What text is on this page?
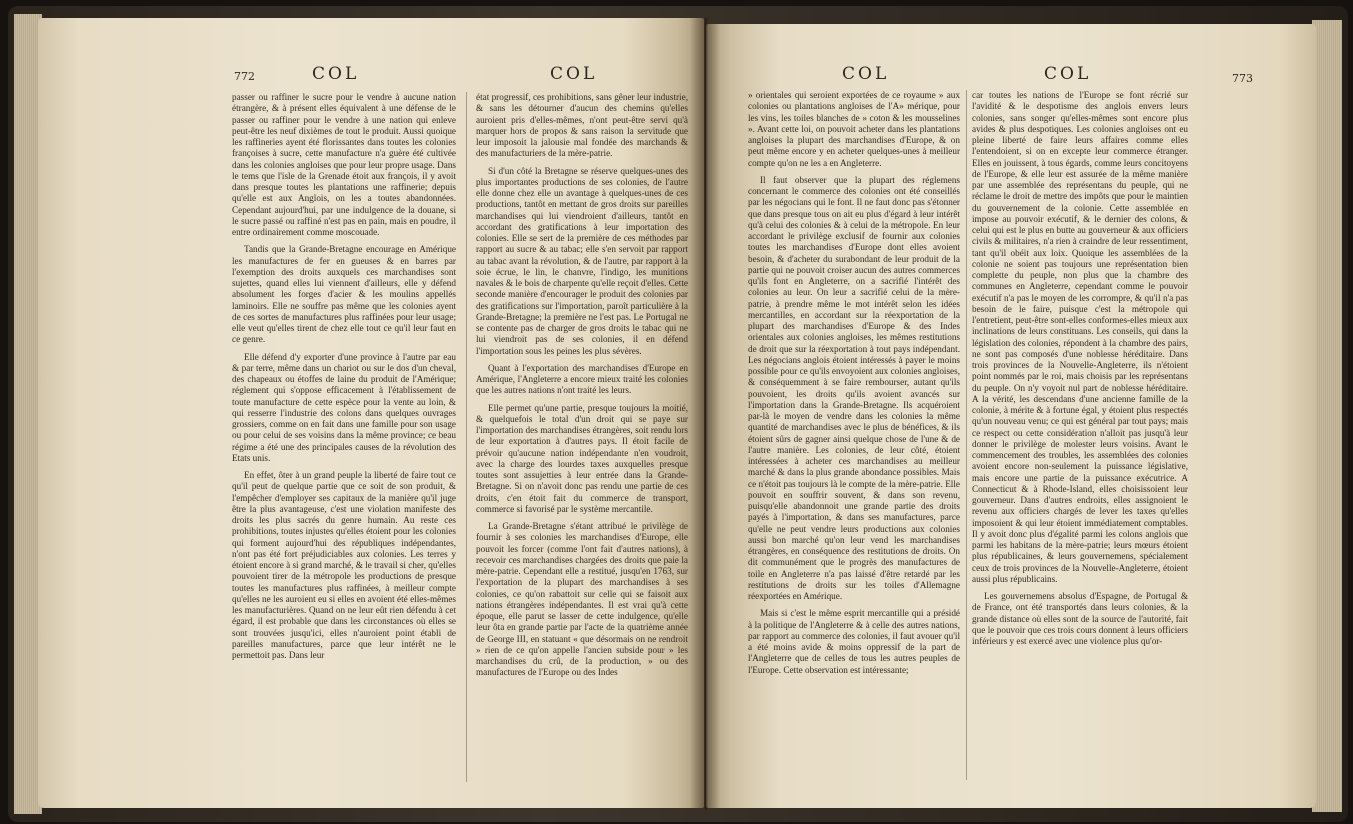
772	COL	COL

passer ou raffiner le sucre pour le vendre à aucune nation étrangère, & à présent elles équivalent à une défense de le passer ou raffiner pour le vendre à une nation qui enleve peut-être les neuf dixièmes de tout le produit. Aussi quoique les raffineries ayent été florissantes dans toutes les colonies françoises à sucre, cette manufacture n'a guère été cultivée dans les colonies angloises que pour leur propre usage. Dans le tems que l'isle de la Grenade étoit aux françois, il y avoit dans presque toutes les plantations une raffinerie; depuis qu'elle est aux Anglois, on les a toutes abandonnées. Cependant aujourd'hui, par une indulgence de la douane, si le sucre passé ou raffiné n'est pas en pain, mais en poudre, il entre ordinairement comme moscouade.

Tandis que la Grande-Bretagne encourage en Amérique les manufactures de fer en gueuses & en barres par l'exemption des droits auxquels ces marchandises sont sujettes, quand elles lui viennent d'ailleurs, elle y défend absolument les forges d'acier & les moulins appellés laminoirs. Elle ne souffre pas même que les colonies ayent de ces sortes de manufactures plus raffinées pour leur usage; elle veut qu'elles tirent de chez elle tout ce qu'il leur faut en ce genre.

Elle défend d'y exporter d'une province à l'autre par eau & par terre, même dans un chariot ou sur le dos d'un cheval, des chapeaux ou étoffes de laine du produit de l'Amérique; réglement qui s'oppose efficacement à l'établissement de toute manufacture de cette espèce pour la vente au loin, & qui resserre l'industrie des colons dans quelques ouvrages grossiers, comme on en fait dans une famille pour son usage ou pour celui de ses voisins dans la même province; ce beau régime a été une des principales causes de la révolution des Etats unis.

En effet, ôter à un grand peuple la liberté de faire tout ce qu'il peut de quelque partie que ce soit de son produit, & l'empêcher d'employer ses capitaux de la manière qu'il juge être la plus avantageuse, c'est une violation manifeste des droits les plus sacrés du genre humain. Au reste ces prohibitions, toutes injustes qu'elles étoient pour les colonies qui forment aujourd'hui des républiques indépendantes, n'ont pas été fort préjudiciables aux colonies. Les terres y étoient encore à si grand marché, & le travail si cher, qu'elles pouvoient tirer de la métropole les productions de presque toutes les manufactures plus raffinées, à meilleur compte qu'elles ne les auroient eu si elles en avoient été elles-mêmes les manufacturières. Quand on ne leur eût rien défendu à cet égard, il est probable que dans les circonstances où elles se sont trouvées jusqu'ici, elles n'auroient point établi de pareilles manufactures, parce que leur intérêt ne le permettoit pas. Dans leur

état progressif, ces prohibitions, sans gêner leur industrie, & sans les détourner d'aucun des chemins qu'elles auroient pris d'elles-mêmes, n'ont peut-être servi qu'à marquer hors de propos & sans raison la servitude que leur imposoit la jalousie mal fondée des marchands & des manufacturiers de la mère-patrie.

Si d'un côté la Bretagne se réserve quelques-unes des plus importantes productions de ses colonies, de l'autre elle donne chez elle un avantage à quelques-unes de ces productions, tantôt en mettant de gros droits sur pareilles marchandises qui lui viendroient d'ailleurs, tantôt en accordant des gratifications à leur importation des colonies. Elle se sert de la première de ces méthodes par rapport au sucre & au tabac; elle s'en servoit par rapport au tabac avant la révolution, & de l'autre, par rapport à la soie écrue, le lin, le chanvre, l'indigo, les munitions navales & le bois de charpente qu'elle reçoit d'elles. Cette seconde manière d'encourager le produit des colonies par des gratifications sur l'importation, paroît particulière à la Grande-Bretagne; la première ne l'est pas. Le Portugal ne se contente pas de charger de gros droits le tabac qui ne lui viendroit pas de ses colonies, il en défend l'importation sous les peines les plus sévères.

Quant à l'exportation des marchandises d'Europe en Amérique, l'Angleterre a encore mieux traité les colonies que les autres nations n'ont traité les leurs.

Elle permet qu'une partie, presque toujours la moitié, & quelquefois le total d'un droit qui se paye sur l'importation des marchandises étrangères, soit rendu lors de leur exportation à d'autres pays. Il étoit facile de prévoir qu'aucune nation indépendante n'en voudroit, avec la charge des lourdes taxes auxquelles presque toutes sont assujetties à leur entrée dans la Grande-Bretagne. Si on n'avoit donc pas rendu une partie de ces droits, c'en étoit fait du commerce de transport, commerce si favorisé par le système mercantile.

La Grande-Bretagne s'étant attribué le privilège de fournir à ses colonies les marchandises d'Europe, elle pouvoit les forcer (comme l'ont fait d'autres nations), à recevoir ces marchandises chargées des droits que paie la mère-patrie. Cependant elle a restitué, jusqu'en 1763, sur l'exportation de la plupart des marchandises à ses colonies, ce qu'on rabattoit sur celle qui se faisoit aux nations étrangères indépendantes. Il est vrai qu'à cette époque, elle parut se lasser de cette indulgence, qu'elle leur ôta en grande partie par l'acte de la quatrième année de George III, en statuant « que désormais on ne rendroit » rien de ce qu'on appelle l'ancien subside pour » les marchandises du crû, de la production, » ou des manufactures de l'Europe ou des Indes

COL	COL	773

» orientales qui seroient exportées de ce royaume » aux colonies ou plantations angloises de l'A» mérique, pour les vins, les toiles blanches de » coton & les mousselines ». Avant cette loi, on pouvoit acheter dans les plantations angloises la plupart des marchandises d'Europe, & on peut même encore y en acheter quelques-unes à meilleur compte qu'on ne les a en Angleterre.

Il faut observer que la plupart des réglemens concernant le commerce des colonies ont été conseillés par les négocians qui le font. Il ne faut donc pas s'étonner que dans presque tous on ait eu plus d'égard à leur intérêt qu'à celui des colonies & à celui de la métropole. En leur accordant le privilège exclusif de fournir aux colonies toutes les marchandises d'Europe dont elles avoient besoin, & d'acheter du surabondant de leur produit de la partie qui ne pouvoit croiser aucun des autres commerces qu'ils font en Angleterre, on a sacrifié l'intérêt des colonies au leur. On leur a sacrifié celui de la mère-patrie, à prendre même le mot intérêt selon les idées mercantilles, en accordant sur la réexportation de la plupart des marchandises d'Europe & des Indes orientales aux colonies angloises, les mêmes restitutions de droit que sur la réexportation à tout pays indépendant. Les négocians anglois étoient intéressés à payer le moins possible pour ce qu'ils envoyoient aux colonies angloises, & conséquemment à se faire rembourser, autant qu'ils pouvoient, les droits qu'ils avoient avancés sur l'importation dans la Grande-Bretagne. Ils acquéroient par-là le moyen de vendre dans les colonies la même quantité de marchandises avec le plus de bénéfices, & ils étoient sûrs de gagner ainsi quelque chose de l'une & de l'autre manière. Les colonies, de leur côté, étoient intéressées à acheter ces marchandises au meilleur marché & dans la plus grande abondance possibles. Mais ce n'étoit pas toujours là le compte de la mère-patrie. Elle pouvoit en souffrir souvent, & dans son revenu, puisqu'elle abandonnoit une grande partie des droits payés à l'importation, & dans ses manufactures, parce qu'elle ne peut vendre leurs productions aux colonies aussi bon marché qu'on leur vend les marchandises étrangères, en conséquence des restitutions de droits. On dit communément que le progrès des manufactures de toile en Angleterre n'a pas laissé d'être retardé par les restitutions de droits sur les toiles d'Allemagne réexportées en Amérique.

Mais si c'est le même esprit mercantille qui a présidé à la politique de l'Angleterre & à celle des autres nations, par rapport au commerce des colonies, il faut avouer qu'il a été moins avide & moins oppressif de la part de l'Angleterre que de celles de tous les autres peuples de l'Europe. Cette observation est intéressante;

car toutes les nations de l'Europe se font récrié sur l'avidité & le despotisme des anglois envers leurs colonies, sans songer qu'elles-mêmes sont encore plus avides & plus despotiques. Les colonies angloises ont eu pleine liberté de faire leurs affaires comme elles l'entendoient, si on en excepte leur commerce étranger. Elles en jouissent, à tous égards, comme leurs concitoyens de l'Europe, & elle leur est assurée de la même manière par une assemblée des représentans du peuple, qui ne réclame le droit de mettre des impôts que pour le maintien du gouvernement de la colonie. Cette assemblée en impose au pouvoir exécutif, & le dernier des colons, & celui qui est le plus en butte au gouverneur & aux officiers civils & militaires, n'a rien à craindre de leur ressentiment, tant qu'il obéit aux loix. Quoique les assemblées de la colonie ne soient pas toujours une représentation bien complette du peuple, non plus que la chambre des communes en Angleterre, cependant comme le pouvoir exécutif n'a pas le moyen de les corrompre, & qu'il n'a pas besoin de le faire, puisque c'est la métropole qui l'entretient, peut-être sont-elles conformes-elles mieux aux inclinations de leurs constituans. Les conseils, qui dans la législation des colonies, répondent à la chambre des pairs, ne sont pas composés d'une noblesse héréditaire. Dans trois provinces de la Nouvelle-Angleterre, ils n'étoient point nommés par le roi, mais choisis par les représentans du peuple. On n'y voyoit nul part de noblesse héréditaire. A la vérité, les descendans d'une ancienne famille de la colonie, à mérite & à fortune égal, y étoient plus respectés qu'un nouveau venu; ce qui est général par tout pays; mais ce respect ou cette considération n'alloit pas jusqu'à leur donner le privilège de molester leurs voisins. Avant le commencement des troubles, les assemblées des colonies avoient encore non-seulement la puissance législative, mais encore une partie de la puissance exécutrice. A Connecticut & à Rhode-Island, elles choisissoient leur gouverneur. Dans d'autres endroits, elles assignoient le revenu aux officiers chargés de lever les taxes qu'elles imposoient & qui leur étoient immédiatement comptables. Il y avoit donc plus d'égalité parmi les colons anglois que parmi les habitans de la mère-patrie; leurs mœurs étoient plus républicaines, & leurs gouvernemens, spécialement ceux de trois provinces de la Nouvelle-Angleterre, étoient aussi plus républicains.

Les gouvernemens absolus d'Espagne, de Portugal & de France, ont été transportés dans leurs colonies, & la grande distance où elles sont de la source de l'autorité, fait que le pouvoir que ces trois cours donnent à leurs officiers inférieurs y est exercé avec une violence plus qu'or-
